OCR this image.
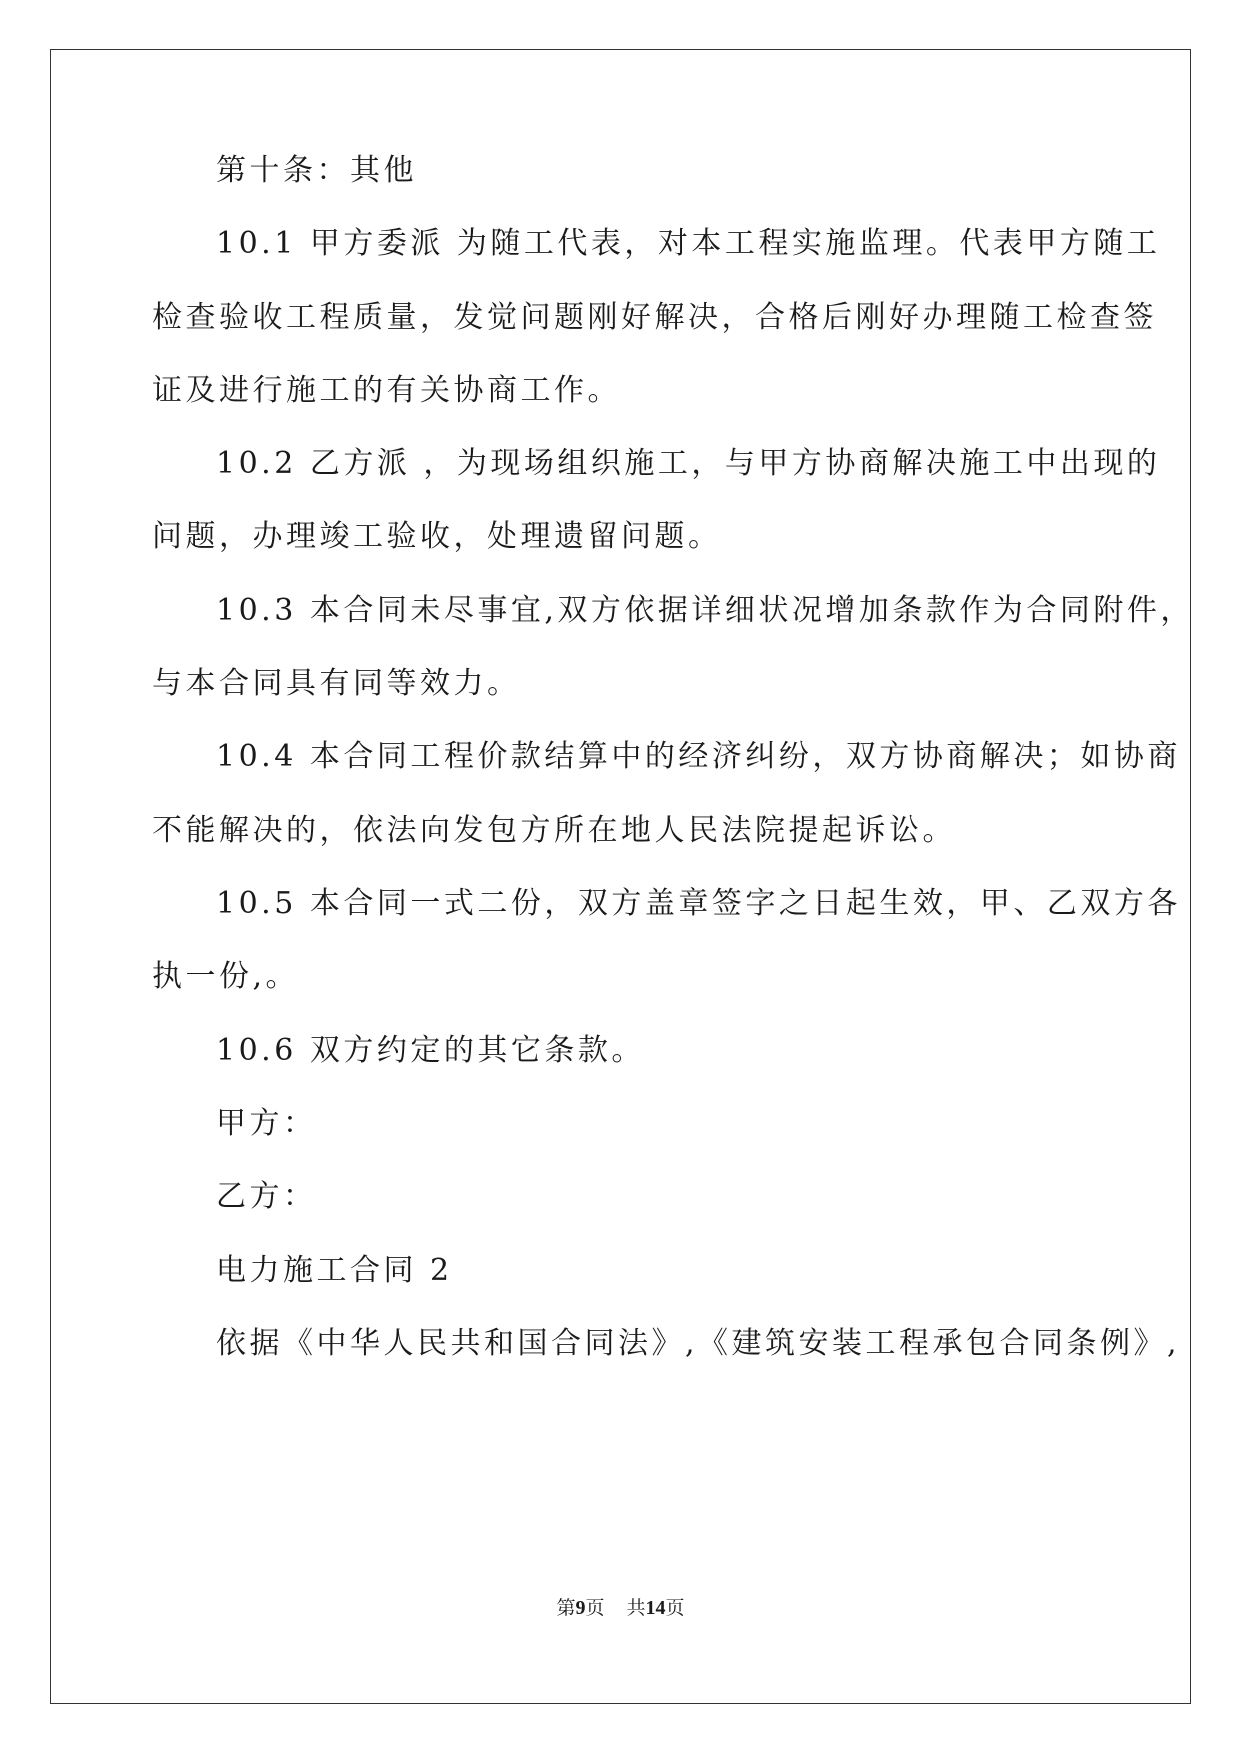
第十条：其他
10.1 甲方委派 为随工代表，对本工程实施监理。代表甲方随工
检查验收工程质量，发觉问题刚好解决，合格后刚好办理随工检查签
证及进行施工的有关协商工作。
10.2 乙方派 ，为现场组织施工，与甲方协商解决施工中出现的
问题，办理竣工验收，处理遗留问题。
10.3 本合同未尽事宜,双方依据详细状况增加条款作为合同附件，
与本合同具有同等效力。
10.4 本合同工程价款结算中的经济纠纷，双方协商解决；如协商
不能解决的，依法向发包方所在地人民法院提起诉讼。
10.5 本合同一式二份，双方盖章签字之日起生效，甲、乙双方各
执一份,。
10.6 双方约定的其它条款。
甲方：
乙方：
电力施工合同 2
依据《中华人民共和国合同法》,《建筑安装工程承包合同条例》,
第9页 共14页
